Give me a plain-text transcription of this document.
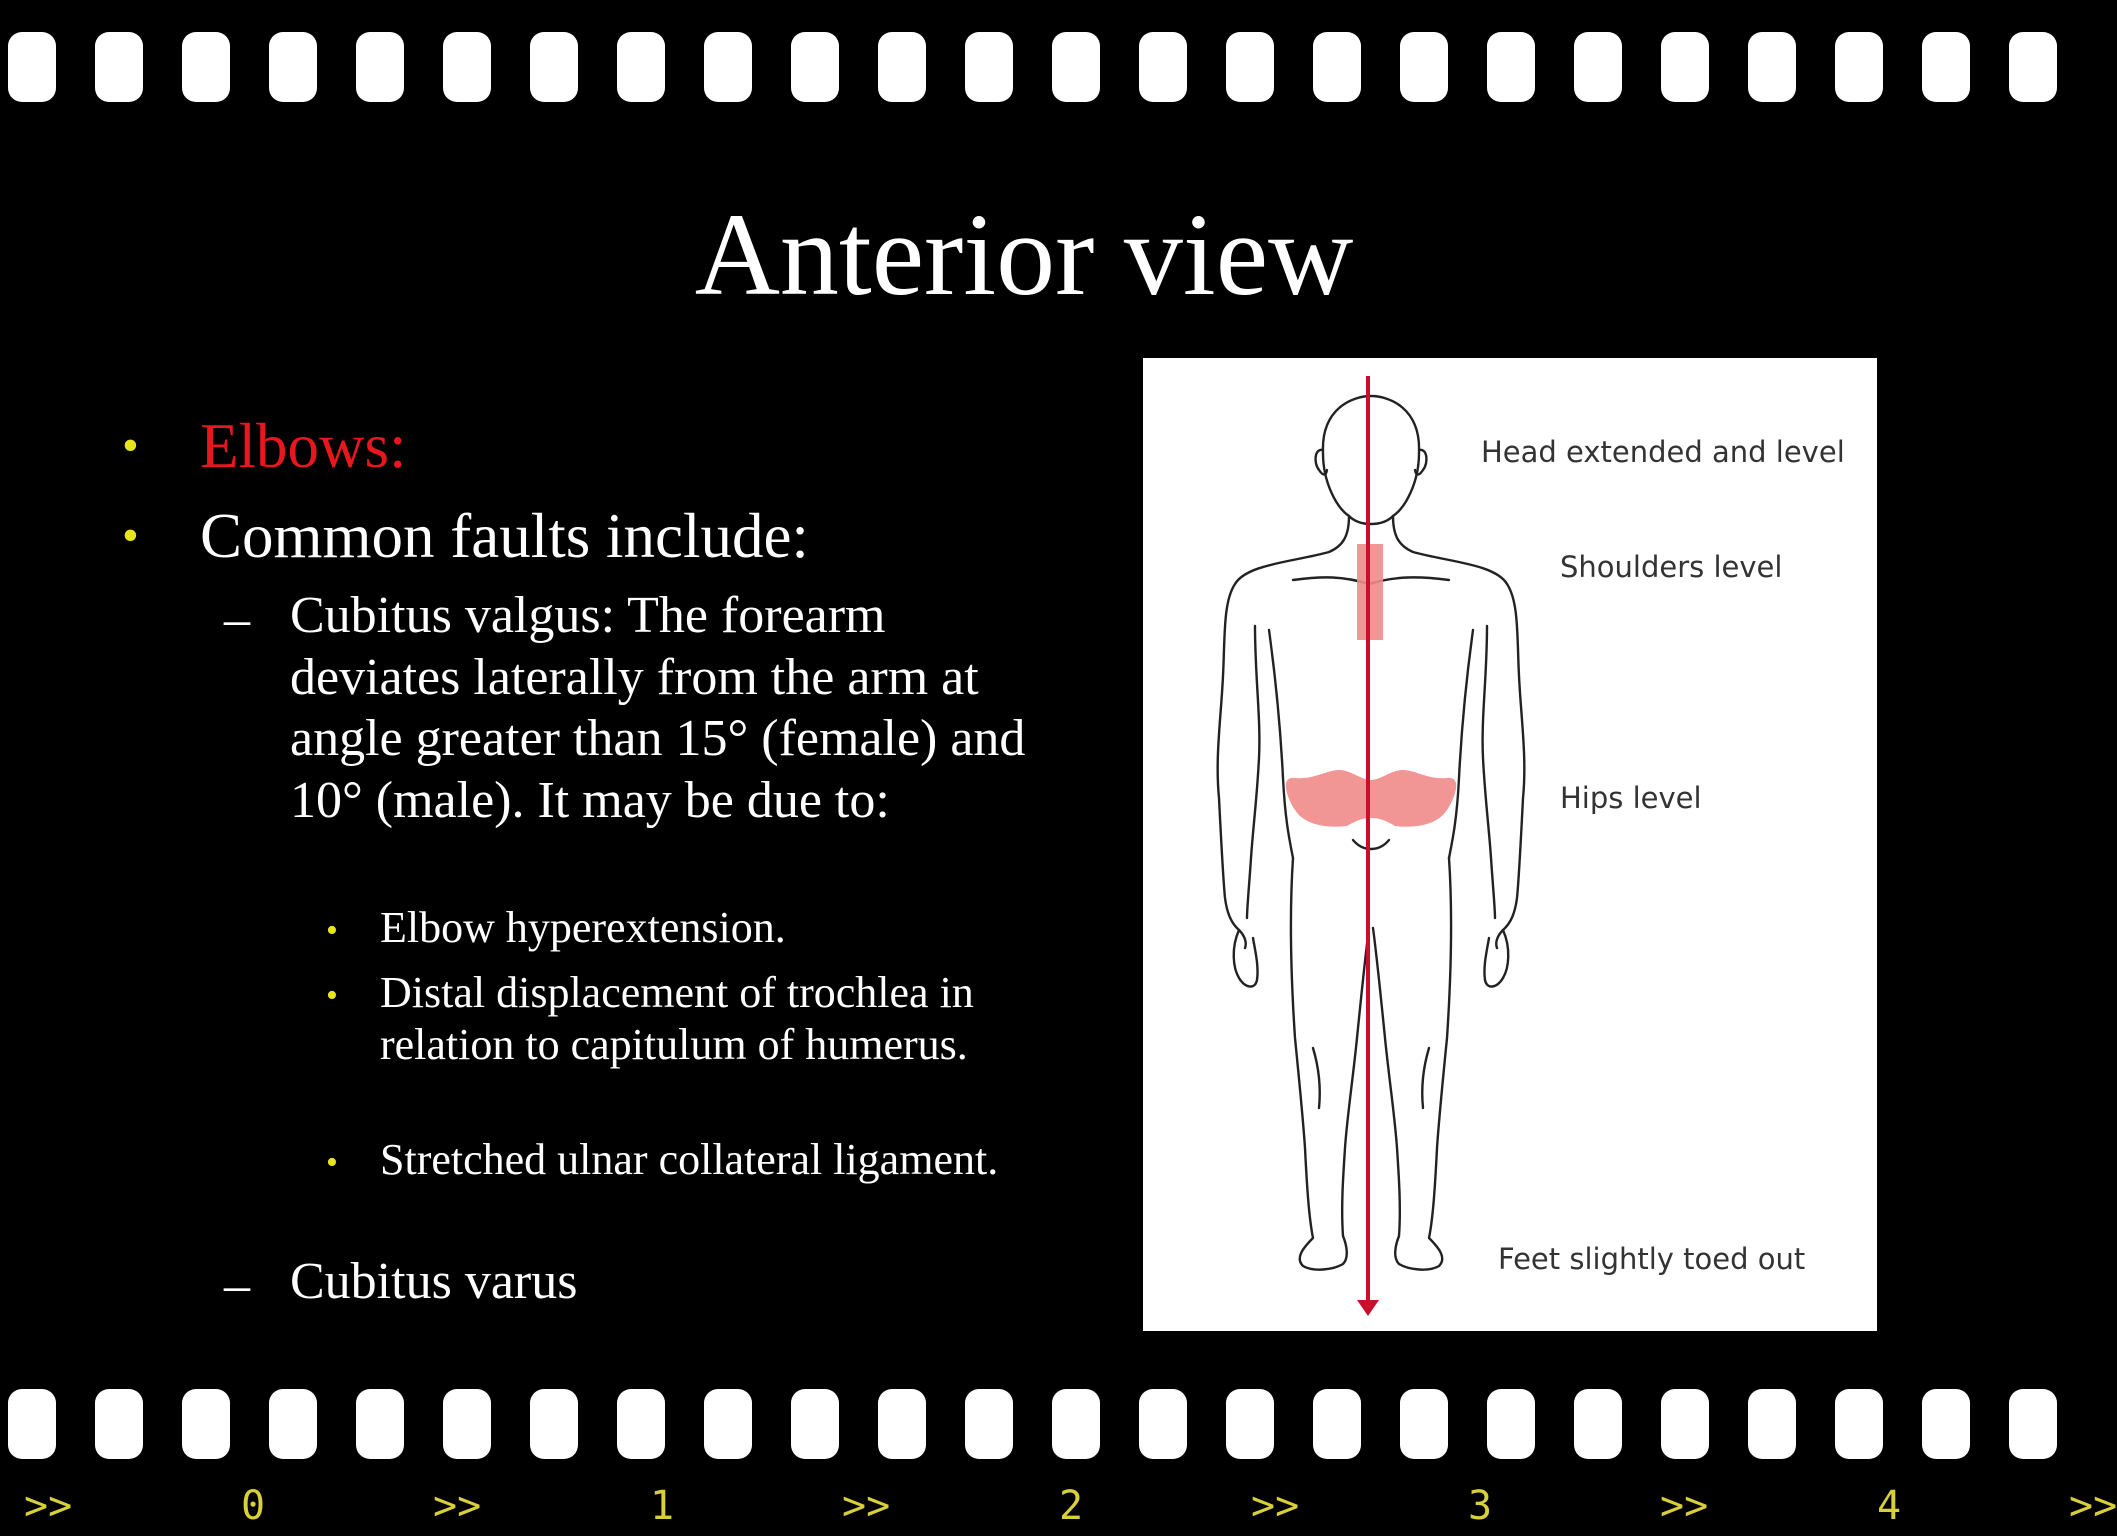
Anterior view
• Elbows:
• Common faults include:
– Cubitus valgus: The forearm deviates laterally from the arm at angle greater than 15° (female) and 10° (male). It may be due to:
• Elbow hyperextension.
• Distal displacement of trochlea in relation to capitulum of humerus.
• Stretched ulnar collateral ligament.
– Cubitus varus
Head extended and level
Shoulders level
Hips level
Feet slightly toed out
>>	0	>>	1	>>	2	>>	3	>>	4	>>
